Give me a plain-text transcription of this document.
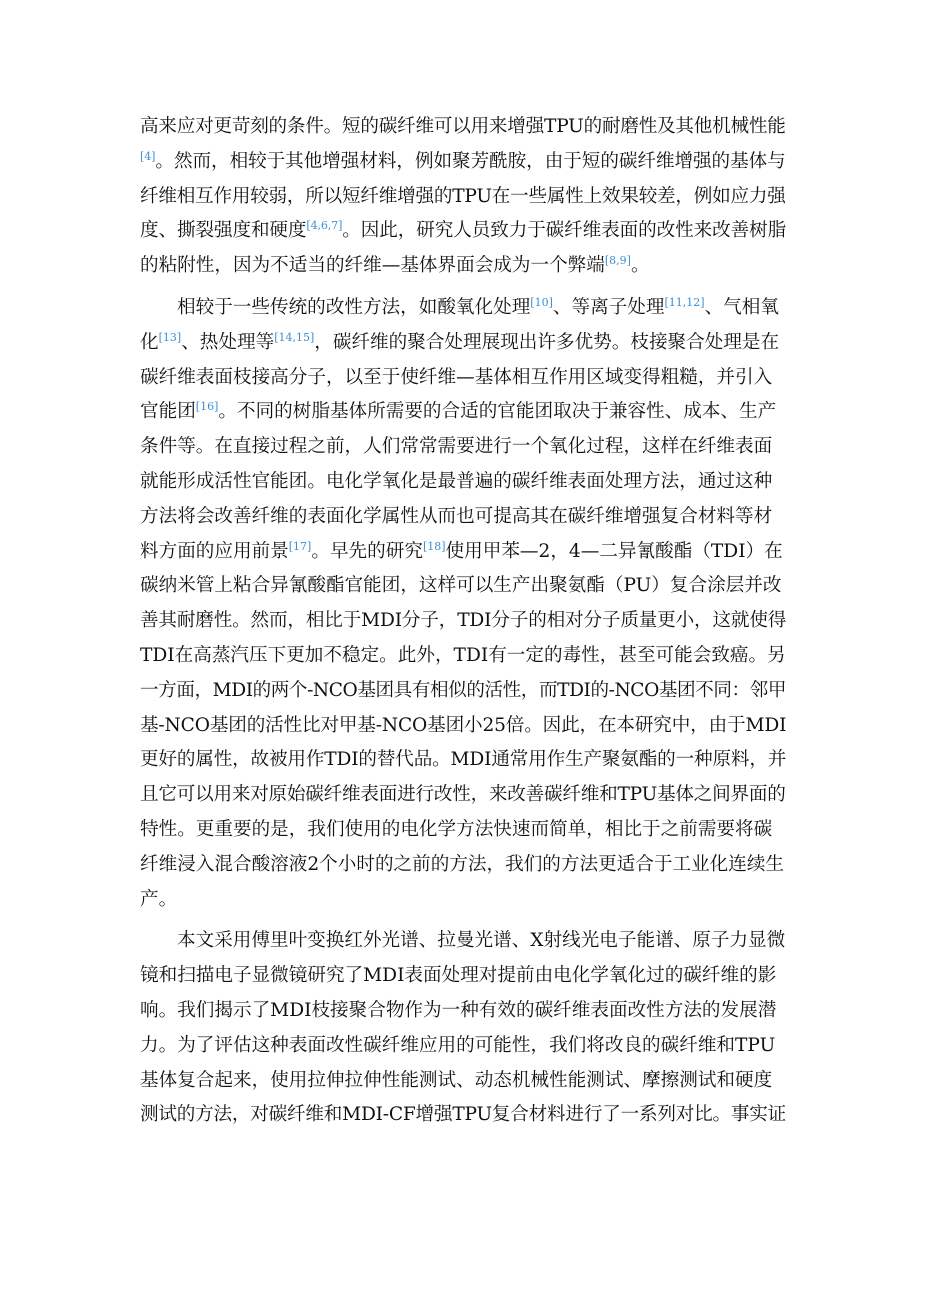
高来应对更苛刻的条件。短的碳纤维可以用来增强TPU的耐磨性及其他机械性能
[4]。然而，相较于其他增强材料，例如聚芳酰胺，由于短的碳纤维增强的基体与
纤维相互作用较弱，所以短纤维增强的TPU在一些属性上效果较差，例如应力强
度、撕裂强度和硬度[4,6,7]。因此，研究人员致力于碳纤维表面的改性来改善树脂
的粘附性，因为不适当的纤维—基体界面会成为一个弊端[8,9]。

相较于一些传统的改性方法，如酸氧化处理[10]、等离子处理[11,12]、气相氧
化[13]、热处理等[14,15]，碳纤维的聚合处理展现出许多优势。枝接聚合处理是在
碳纤维表面枝接高分子，以至于使纤维—基体相互作用区域变得粗糙，并引入
官能团[16]。不同的树脂基体所需要的合适的官能团取决于兼容性、成本、生产
条件等。在直接过程之前，人们常常需要进行一个氧化过程，这样在纤维表面
就能形成活性官能团。电化学氧化是最普遍的碳纤维表面处理方法，通过这种
方法将会改善纤维的表面化学属性从而也可提高其在碳纤维增强复合材料等材
料方面的应用前景[17]。早先的研究[18]使用甲苯—2，4—二异氰酸酯（TDI）在
碳纳米管上粘合异氰酸酯官能团，这样可以生产出聚氨酯（PU）复合涂层并改
善其耐磨性。然而，相比于MDI分子，TDI分子的相对分子质量更小，这就使得
TDI在高蒸汽压下更加不稳定。此外，TDI有一定的毒性，甚至可能会致癌。另
一方面，MDI的两个-NCO基团具有相似的活性，而TDI的-NCO基团不同：邻甲
基-NCO基团的活性比对甲基-NCO基团小25倍。因此，在本研究中，由于MDI
更好的属性，故被用作TDI的替代品。MDI通常用作生产聚氨酯的一种原料，并
且它可以用来对原始碳纤维表面进行改性，来改善碳纤维和TPU基体之间界面的
特性。更重要的是，我们使用的电化学方法快速而简单，相比于之前需要将碳
纤维浸入混合酸溶液2个小时的之前的方法，我们的方法更适合于工业化连续生
产。

本文采用傅里叶变换红外光谱、拉曼光谱、X射线光电子能谱、原子力显微
镜和扫描电子显微镜研究了MDI表面处理对提前由电化学氧化过的碳纤维的影
响。我们揭示了MDI枝接聚合物作为一种有效的碳纤维表面改性方法的发展潜
力。为了评估这种表面改性碳纤维应用的可能性，我们将改良的碳纤维和TPU
基体复合起来，使用拉伸拉伸性能测试、动态机械性能测试、摩擦测试和硬度
测试的方法，对碳纤维和MDI-CF增强TPU复合材料进行了一系列对比。事实证
